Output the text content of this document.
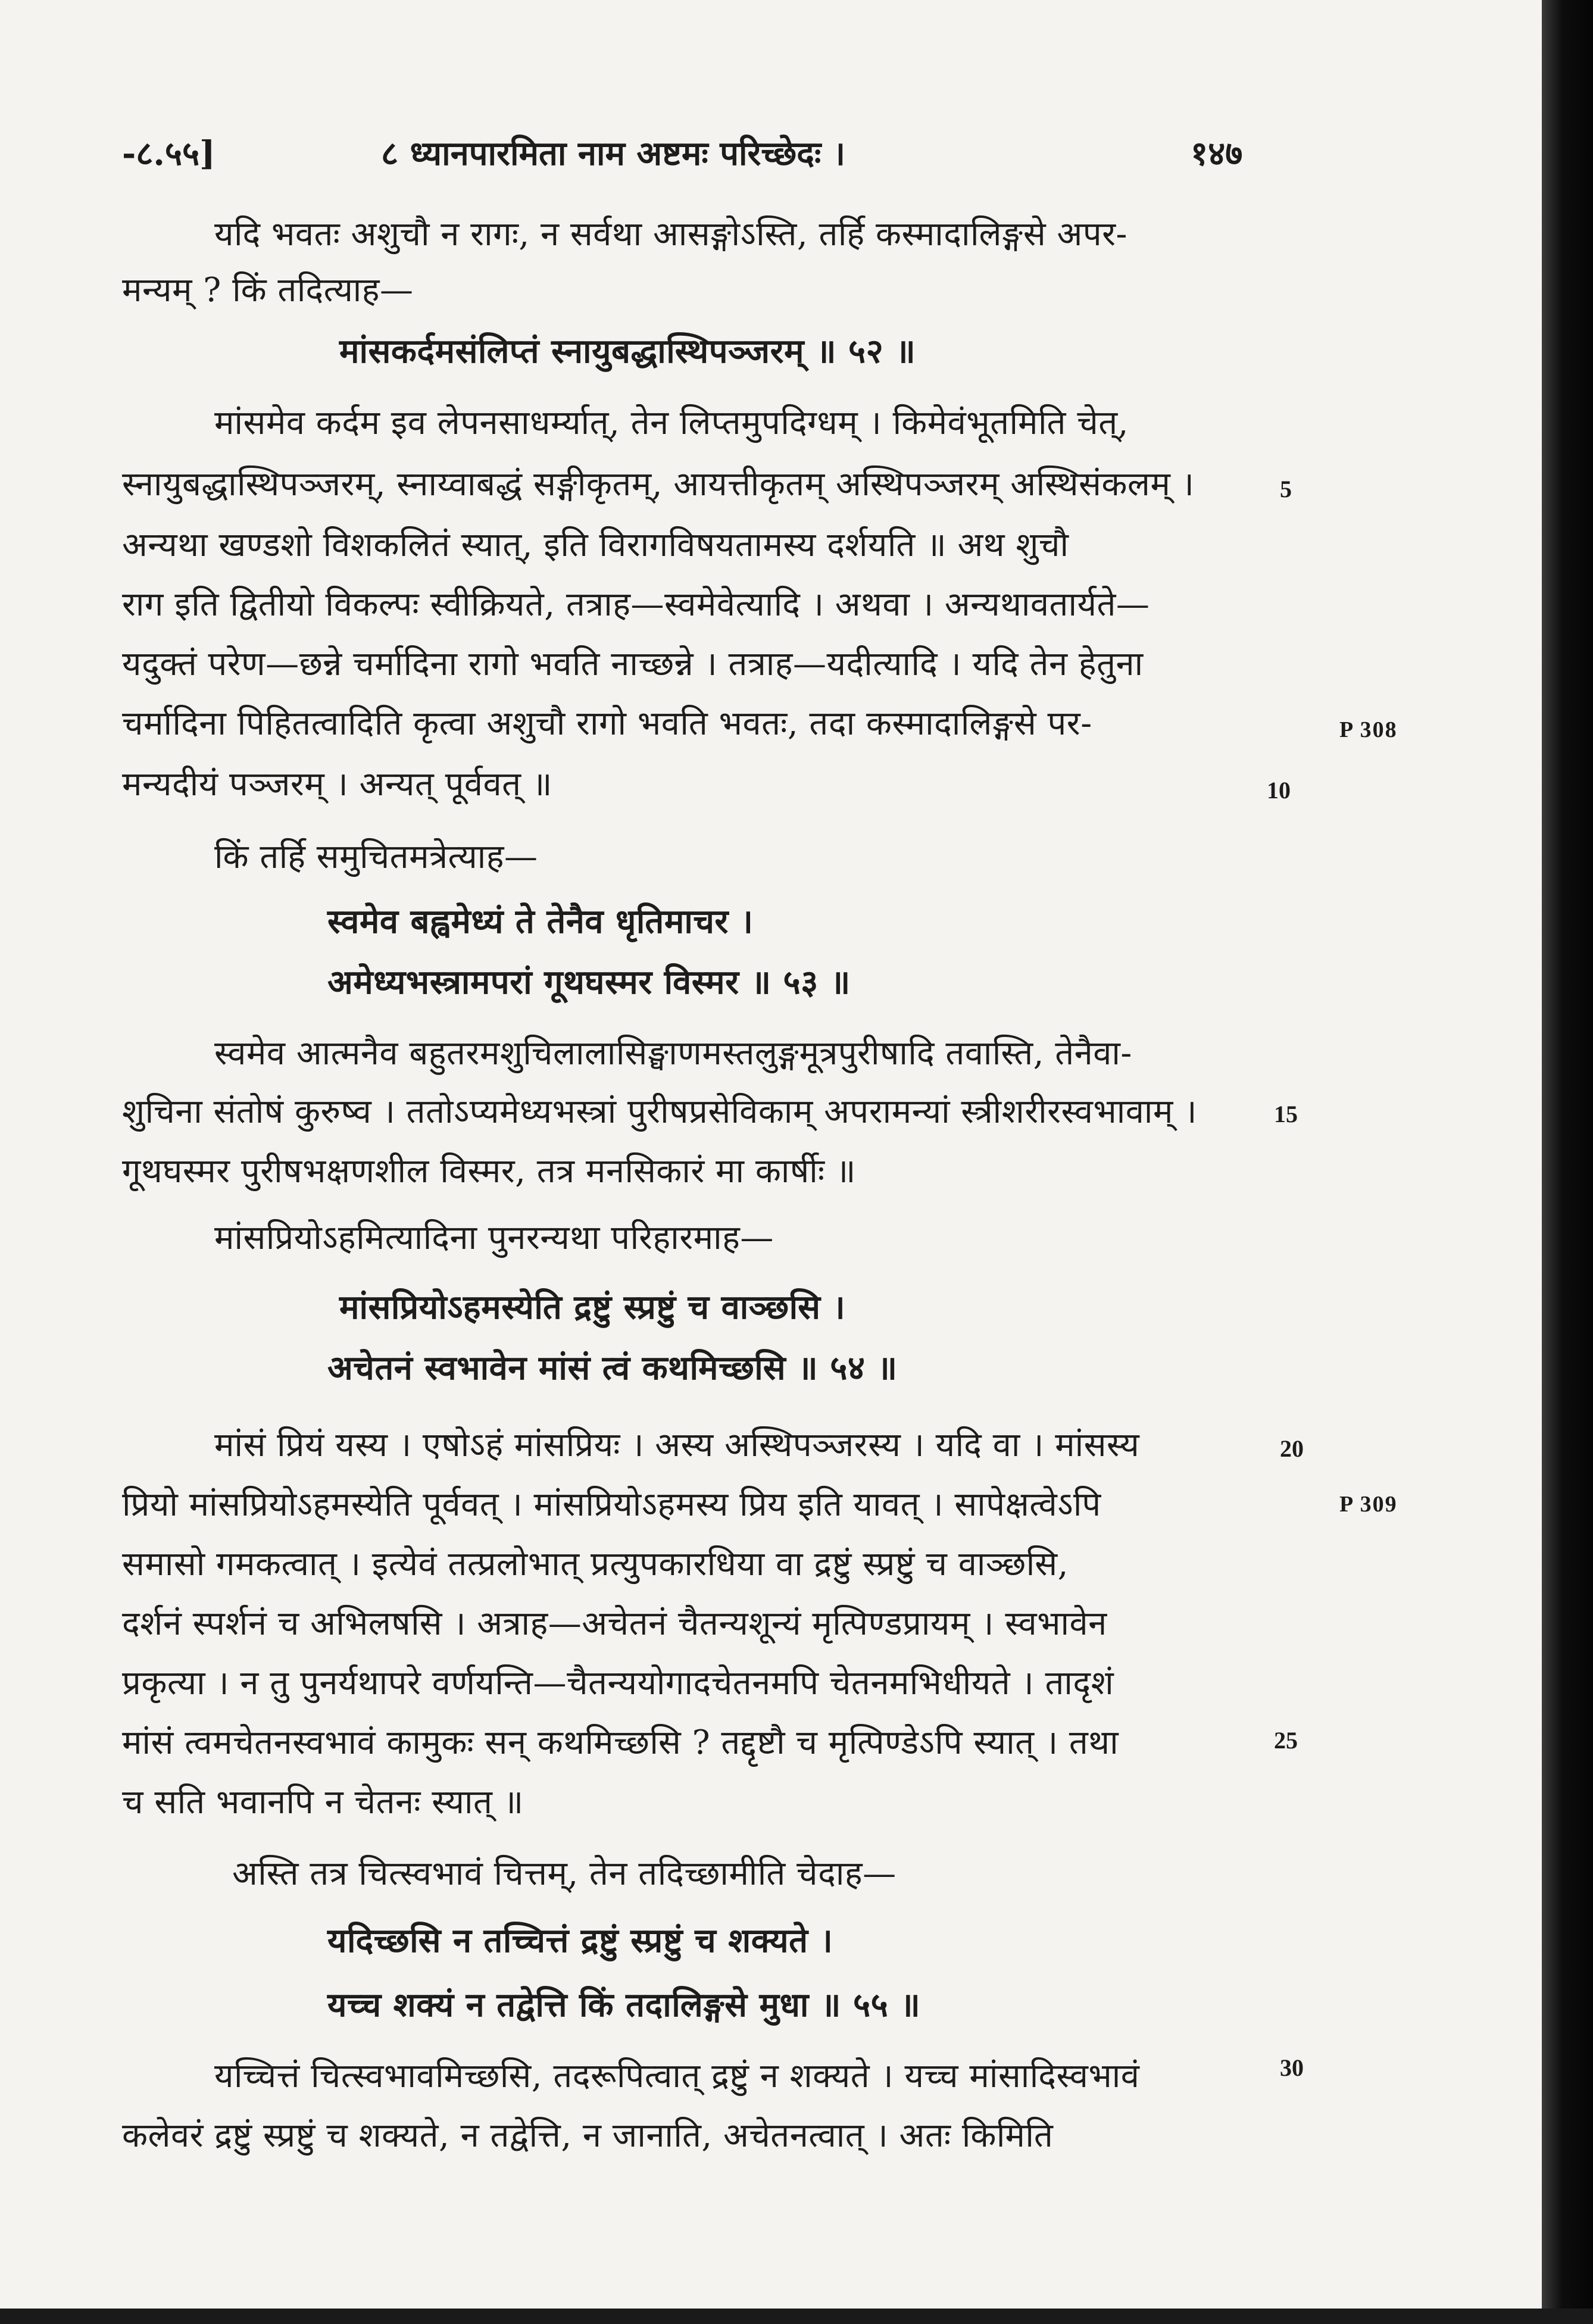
-८.५५]	८ ध्यानपारमिता नाम अष्टमः परिच्छेदः ।	१४७
यदि भवतः अशुचौ न रागः, न सर्वथा आसङ्गोऽस्ति, तर्हि कस्मादालिङ्गसे अपर-
मन्यम् ? किं तदित्याह—
मांसकर्दमसंलिप्तं स्नायुबद्धास्थिपञ्जरम् ॥ ५२ ॥
मांसमेव कर्दम इव लेपनसाधर्म्यात्, तेन लिप्तमुपदिग्धम् । किमेवंभूतमिति चेत्,
स्नायुबद्धास्थिपञ्जरम्, स्नाय्वाबद्धं सङ्गीकृतम्, आयत्तीकृतम् अस्थिपञ्जरम् अस्थिसंकलम् ।
अन्यथा खण्डशो विशकलितं स्यात्, इति विरागविषयतामस्य दर्शयति ॥ अथ शुचौ
राग इति द्वितीयो विकल्पः स्वीक्रियते, तत्राह—स्वमेवेत्यादि । अथवा । अन्यथावतार्यते—
यदुक्तं परेण—छन्ने चर्मादिना रागो भवति नाच्छन्ने । तत्राह—यदीत्यादि । यदि तेन हेतुना
चर्मादिना पिहितत्वादिति कृत्वा अशुचौ रागो भवति भवतः, तदा कस्मादालिङ्गसे पर-
मन्यदीयं पञ्जरम् । अन्यत् पूर्ववत् ॥
किं तर्हि समुचितमत्रेत्याह—
स्वमेव बह्वमेध्यं ते तेनैव धृतिमाचर ।
अमेध्यभस्त्रामपरां गूथघस्मर विस्मर ॥ ५३ ॥
स्वमेव आत्मनैव बहुतरमशुचिलालासिङ्घाणमस्तलुङ्गमूत्रपुरीषादि तवास्ति, तेनैवा-
शुचिना संतोषं कुरुष्व । ततोऽप्यमेध्यभस्त्रां पुरीषप्रसेविकाम् अपरामन्यां स्त्रीशरीरस्वभावाम् ।
गूथघस्मर पुरीषभक्षणशील विस्मर, तत्र मनसिकारं मा कार्षीः ॥
मांसप्रियोऽहमित्यादिना पुनरन्यथा परिहारमाह—
मांसप्रियोऽहमस्येति द्रष्टुं स्प्रष्टुं च वाञ्छसि ।
अचेतनं स्वभावेन मांसं त्वं कथमिच्छसि ॥ ५४ ॥
मांसं प्रियं यस्य । एषोऽहं मांसप्रियः । अस्य अस्थिपञ्जरस्य । यदि वा । मांसस्य
प्रियो मांसप्रियोऽहमस्येति पूर्ववत् । मांसप्रियोऽहमस्य प्रिय इति यावत् । सापेक्षत्वेऽपि
समासो गमकत्वात् । इत्येवं तत्प्रलोभात् प्रत्युपकारधिया वा द्रष्टुं स्प्रष्टुं च वाञ्छसि,
दर्शनं स्पर्शनं च अभिलषसि । अत्राह—अचेतनं चैतन्यशून्यं मृत्पिण्डप्रायम् । स्वभावेन
प्रकृत्या । न तु पुनर्यथापरे वर्णयन्ति—चैतन्ययोगादचेतनमपि चेतनमभिधीयते । तादृशं
मांसं त्वमचेतनस्वभावं कामुकः सन् कथमिच्छसि ? तद्दृष्टौ च मृत्पिण्डेऽपि स्यात् । तथा
च सति भवानपि न चेतनः स्यात् ॥
अस्ति तत्र चित्स्वभावं चित्तम्, तेन तदिच्छामीति चेदाह—
यदिच्छसि न तच्चित्तं द्रष्टुं स्प्रष्टुं च शक्यते ।
यच्च शक्यं न तद्वेत्ति किं तदालिङ्गसे मुधा ॥ ५५ ॥
यच्चित्तं चित्स्वभावमिच्छसि, तदरूपित्वात् द्रष्टुं न शक्यते । यच्च मांसादिस्वभावं
कलेवरं द्रष्टुं स्प्रष्टुं च शक्यते, न तद्वेत्ति, न जानाति, अचेतनत्वात् । अतः किमिति
5
10
15
20
25
30
P 308
P 309
